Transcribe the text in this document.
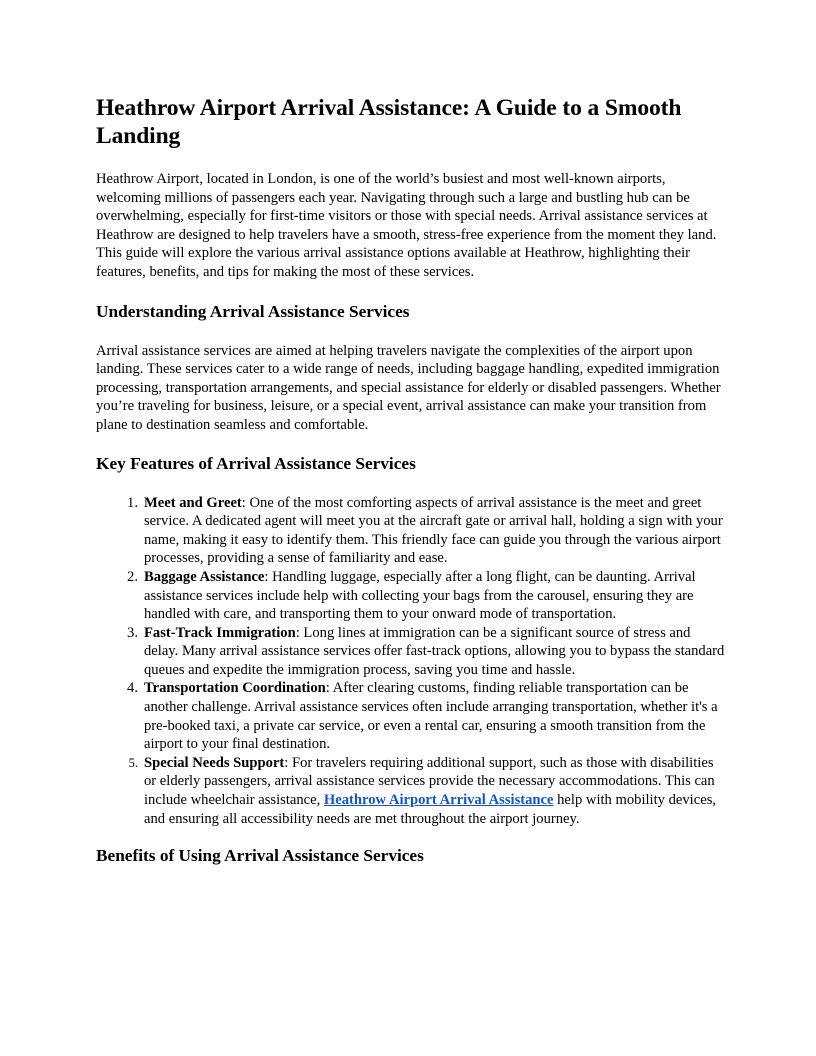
Heathrow Airport Arrival Assistance: A Guide to a Smooth Landing

Heathrow Airport, located in London, is one of the world’s busiest and most well-known airports, welcoming millions of passengers each year. Navigating through such a large and bustling hub can be overwhelming, especially for first-time visitors or those with special needs. Arrival assistance services at Heathrow are designed to help travelers have a smooth, stress-free experience from the moment they land. This guide will explore the various arrival assistance options available at Heathrow, highlighting their features, benefits, and tips for making the most of these services.

Understanding Arrival Assistance Services

Arrival assistance services are aimed at helping travelers navigate the complexities of the airport upon landing. These services cater to a wide range of needs, including baggage handling, expedited immigration processing, transportation arrangements, and special assistance for elderly or disabled passengers. Whether you’re traveling for business, leisure, or a special event, arrival assistance can make your transition from plane to destination seamless and comfortable.

Key Features of Arrival Assistance Services
1. Meet and Greet: One of the most comforting aspects of arrival assistance is the meet and greet service. A dedicated agent will meet you at the aircraft gate or arrival hall, holding a sign with your name, making it easy to identify them. This friendly face can guide you through the various airport processes, providing a sense of familiarity and ease.
2. Baggage Assistance: Handling luggage, especially after a long flight, can be daunting. Arrival assistance services include help with collecting your bags from the carousel, ensuring they are handled with care, and transporting them to your onward mode of transportation.
3. Fast-Track Immigration: Long lines at immigration can be a significant source of stress and delay. Many arrival assistance services offer fast-track options, allowing you to bypass the standard queues and expedite the immigration process, saving you time and hassle.
4. Transportation Coordination: After clearing customs, finding reliable transportation can be another challenge. Arrival assistance services often include arranging transportation, whether it's a pre-booked taxi, a private car service, or even a rental car, ensuring a smooth transition from the airport to your final destination.
5. Special Needs Support: For travelers requiring additional support, such as those with disabilities or elderly passengers, arrival assistance services provide the necessary accommodations. This can include wheelchair assistance, Heathrow Airport Arrival Assistance help with mobility devices, and ensuring all accessibility needs are met throughout the airport journey.
Benefits of Using Arrival Assistance Services
